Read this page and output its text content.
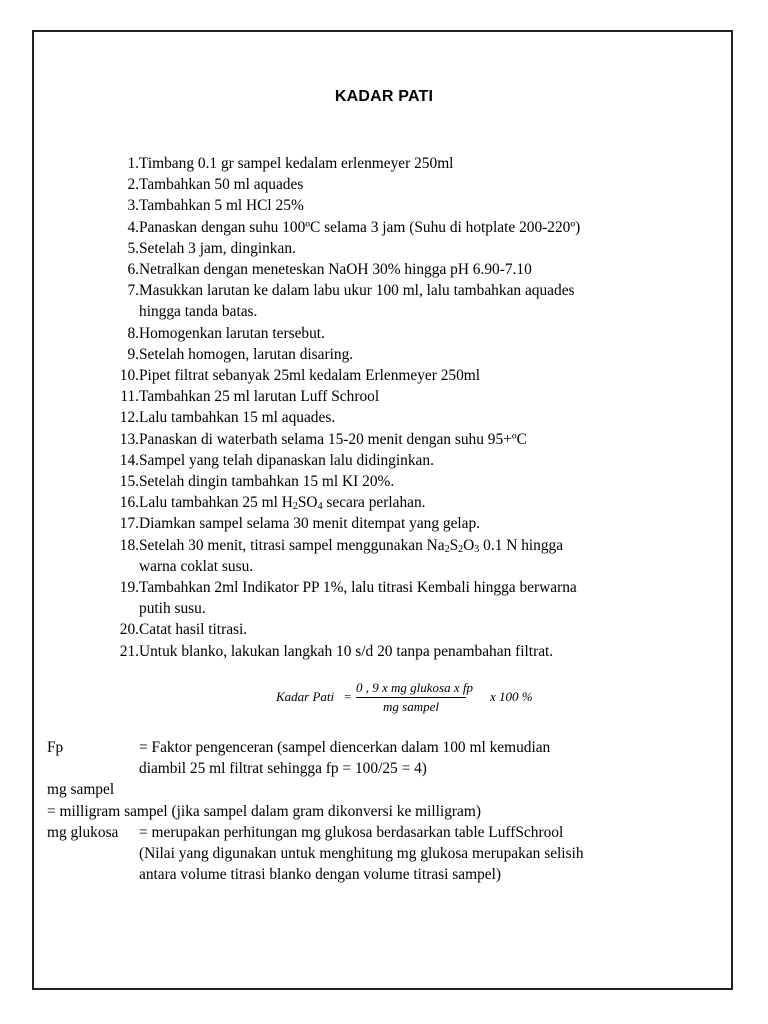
KADAR PATI
1. Timbang 0.1 gr sampel kedalam erlenmeyer 250ml
2. Tambahkan 50 ml aquades
3. Tambahkan 5 ml HCl 25%
4. Panaskan dengan suhu 100ºC selama 3 jam (Suhu di hotplate 200-220º)
5. Setelah 3 jam, dinginkan.
6. Netralkan dengan meneteskan NaOH 30% hingga pH 6.90-7.10
7. Masukkan larutan ke dalam labu ukur 100 ml, lalu tambahkan aquades
hingga tanda batas.
8. Homogenkan larutan tersebut.
9. Setelah homogen, larutan disaring.
10. Pipet filtrat sebanyak 25ml kedalam Erlenmeyer 250ml
11. Tambahkan 25 ml larutan Luff Schrool
12. Lalu tambahkan 15 ml aquades.
13. Panaskan di waterbath selama 15-20 menit dengan suhu 95+ºC
14. Sampel yang telah dipanaskan lalu didinginkan.
15. Setelah dingin tambahkan 15 ml KI 20%.
16. Lalu tambahkan 25 ml $H_2SO_4$ secara perlahan.
17. Diamkan sampel selama 30 menit ditempat yang gelap.
18. Setelah 30 menit, titrasi sampel menggunakan $Na_2S_2O_3$ 0.1 N hingga
warna coklat susu.
19. Tambahkan 2ml Indikator PP 1%, lalu titrasi Kembali hingga berwarna
putih susu.
20. Catat hasil titrasi.
21. Untuk blanko, lakukan langkah 10 s/d 20 tanpa penambahan filtrat.
Kadar Pati =
0 , 9 x mg glukosa x fp
mg sampel
x 100 %
Fp	= Faktor pengenceran (sampel diencerkan dalam 100 ml kemudian
diambil 25 ml filtrat sehingga fp = 100/25 = 4)
mg sampel
= milligram sampel (jika sampel dalam gram dikonversi ke milligram)
mg glukosa = merupakan perhitungan mg glukosa berdasarkan table LuffSchrool
(Nilai yang digunakan untuk menghitung mg glukosa merupakan selisih
antara volume titrasi blanko dengan volume titrasi sampel)
